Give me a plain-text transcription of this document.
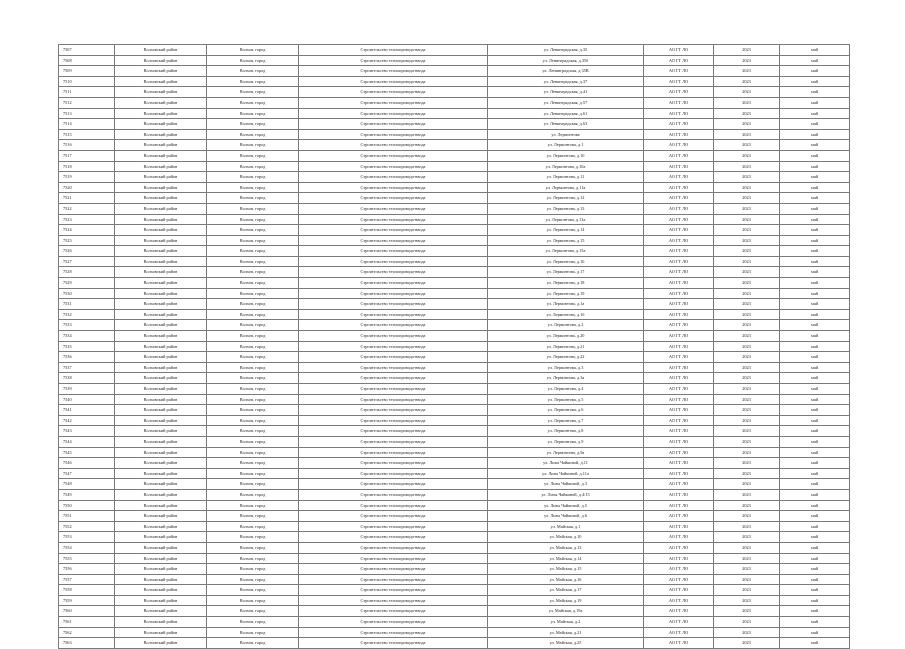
7507	Волховский район	Волхов, город	Строительство теплопровода-ввода	ул. Ленинградская, д.35	АО ГТ ЛО	2023	май
7508	Волховский район	Волхов, город	Строительство теплопровода-ввода	ул. Ленинградская, д.35б	АО ГТ ЛО	2023	май
7509	Волховский район	Волхов, город	Строительство теплопровода-ввода	ул. Ленинградская, д.35В	АО ГТ ЛО	2023	май
7510	Волховский район	Волхов, город	Строительство теплопровода-ввода	ул. Ленинградская, д.37	АО ГТ ЛО	2023	май
7511	Волховский район	Волхов, город	Строительство теплопровода-ввода	ул. Ленинградская, д.41	АО ГТ ЛО	2023	май
7512	Волховский район	Волхов, город	Строительство теплопровода-ввода	ул. Ленинградская, д.57	АО ГТ ЛО	2023	май
7513	Волховский район	Волхов, город	Строительство теплопровода-ввода	ул. Ленинградская, д.61	АО ГТ ЛО	2023	май
7514	Волховский район	Волхов, город	Строительство теплопровода-ввода	ул. Ленинградская, д.63	АО ГТ ЛО	2023	май
7515	Волховский район	Волхов, город	Строительство теплопровода-ввода	ул. Лермонтова	АО ГТ ЛО	2023	май
7516	Волховский район	Волхов, город	Строительство теплопровода-ввода	ул. Лермонтова, д.1	АО ГТ ЛО	2023	май
7517	Волховский район	Волхов, город	Строительство теплопровода-ввода	ул. Лермонтова, д.10	АО ГТ ЛО	2023	май
7518	Волховский район	Волхов, город	Строительство теплопровода-ввода	ул. Лермонтова, д.10а	АО ГТ ЛО	2023	май
7519	Волховский район	Волхов, город	Строительство теплопровода-ввода	ул. Лермонтова, д.11	АО ГТ ЛО	2023	май
7520	Волховский район	Волхов, город	Строительство теплопровода-ввода	ул. Лермонтова, д.11а	АО ГТ ЛО	2023	май
7521	Волховский район	Волхов, город	Строительство теплопровода-ввода	ул. Лермонтова, д.12	АО ГТ ЛО	2023	май
7522	Волховский район	Волхов, город	Строительство теплопровода-ввода	ул. Лермонтова, д.13	АО ГТ ЛО	2023	май
7523	Волховский район	Волхов, город	Строительство теплопровода-ввода	ул. Лермонтова, д.13а	АО ГТ ЛО	2023	май
7524	Волховский район	Волхов, город	Строительство теплопровода-ввода	ул. Лермонтова, д.14	АО ГТ ЛО	2023	май
7525	Волховский район	Волхов, город	Строительство теплопровода-ввода	ул. Лермонтова, д.15	АО ГТ ЛО	2023	май
7526	Волховский район	Волхов, город	Строительство теплопровода-ввода	ул. Лермонтова, д.15а	АО ГТ ЛО	2023	май
7527	Волховский район	Волхов, город	Строительство теплопровода-ввода	ул. Лермонтова, д.16	АО ГТ ЛО	2023	май
7528	Волховский район	Волхов, город	Строительство теплопровода-ввода	ул. Лермонтова, д.17	АО ГТ ЛО	2023	май
7529	Волховский район	Волхов, город	Строительство теплопровода-ввода	ул. Лермонтова, д.18	АО ГТ ЛО	2023	май
7530	Волховский район	Волхов, город	Строительство теплопровода-ввода	ул. Лермонтова, д.19	АО ГТ ЛО	2023	май
7531	Волховский район	Волхов, город	Строительство теплопровода-ввода	ул. Лермонтова, д.1а	АО ГТ ЛО	2023	май
7532	Волховский район	Волхов, город	Строительство теплопровода-ввода	ул. Лермонтова, д.1б	АО ГТ ЛО	2023	май
7533	Волховский район	Волхов, город	Строительство теплопровода-ввода	ул. Лермонтова, д.2	АО ГТ ЛО	2023	май
7534	Волховский район	Волхов, город	Строительство теплопровода-ввода	ул. Лермонтова, д.20	АО ГТ ЛО	2023	май
7535	Волховский район	Волхов, город	Строительство теплопровода-ввода	ул. Лермонтова, д.21	АО ГТ ЛО	2023	май
7536	Волховский район	Волхов, город	Строительство теплопровода-ввода	ул. Лермонтова, д.22	АО ГТ ЛО	2023	май
7537	Волховский район	Волхов, город	Строительство теплопровода-ввода	ул. Лермонтова, д.3	АО ГТ ЛО	2023	май
7538	Волховский район	Волхов, город	Строительство теплопровода-ввода	ул. Лермонтова, д.3а	АО ГТ ЛО	2023	май
7539	Волховский район	Волхов, город	Строительство теплопровода-ввода	ул. Лермонтова, д.4	АО ГТ ЛО	2023	май
7540	Волховский район	Волхов, город	Строительство теплопровода-ввода	ул. Лермонтова, д.5	АО ГТ ЛО	2023	май
7541	Волховский район	Волхов, город	Строительство теплопровода-ввода	ул. Лермонтова, д.6	АО ГТ ЛО	2023	май
7542	Волховский район	Волхов, город	Строительство теплопровода-ввода	ул. Лермонтова, д.7	АО ГТ ЛО	2023	май
7543	Волховский район	Волхов, город	Строительство теплопровода-ввода	ул. Лермонтова, д.8	АО ГТ ЛО	2023	май
7544	Волховский район	Волхов, город	Строительство теплопровода-ввода	ул. Лермонтова, д.9	АО ГТ ЛО	2023	май
7545	Волховский район	Волхов, город	Строительство теплопровода-ввода	ул. Лермонтова, д.9а	АО ГТ ЛО	2023	май
7546	Волховский район	Волхов, город	Строительство теплопровода-ввода	ул. Лизы Чайкиной, д.11	АО ГТ ЛО	2023	май
7547	Волховский район	Волхов, город	Строительство теплопровода-ввода	ул. Лизы Чайкиной, д.11а	АО ГТ ЛО	2023	май
7548	Волховский район	Волхов, город	Строительство теплопровода-ввода	ул. Лизы Чайкиной, д.3	АО ГТ ЛО	2023	май
7549	Волховский район	Волхов, город	Строительство теплопровода-ввода	ул. Лизы Чайкиной, д.4/15	АО ГТ ЛО	2023	май
7550	Волховский район	Волхов, город	Строительство теплопровода-ввода	ул. Лизы Чайкиной, д.5	АО ГТ ЛО	2023	май
7551	Волховский район	Волхов, город	Строительство теплопровода-ввода	ул. Лизы Чайкиной, д.6	АО ГТ ЛО	2023	май
7552	Волховский район	Волхов, город	Строительство теплопровода-ввода	ул. Майская, д.1	АО ГТ ЛО	2023	май
7553	Волховский район	Волхов, город	Строительство теплопровода-ввода	ул. Майская, д.10	АО ГТ ЛО	2023	май
7554	Волховский район	Волхов, город	Строительство теплопровода-ввода	ул. Майская, д.13	АО ГТ ЛО	2023	май
7555	Волховский район	Волхов, город	Строительство теплопровода-ввода	ул. Майская, д.14	АО ГТ ЛО	2023	май
7556	Волховский район	Волхов, город	Строительство теплопровода-ввода	ул. Майская, д.15	АО ГТ ЛО	2023	май
7557	Волховский район	Волхов, город	Строительство теплопровода-ввода	ул. Майская, д.16	АО ГТ ЛО	2023	май
7558	Волховский район	Волхов, город	Строительство теплопровода-ввода	ул. Майская, д.17	АО ГТ ЛО	2023	май
7559	Волховский район	Волхов, город	Строительство теплопровода-ввода	ул. Майская, д.19	АО ГТ ЛО	2023	май
7560	Волховский район	Волхов, город	Строительство теплопровода-ввода	ул. Майская, д.19а	АО ГТ ЛО	2023	май
7561	Волховский район	Волхов, город	Строительство теплопровода-ввода	ул. Майская, д.2	АО ГТ ЛО	2023	май
7562	Волховский район	Волхов, город	Строительство теплопровода-ввода	ул. Майская, д.21	АО ГТ ЛО	2023	май
7563	Волховский район	Волхов, город	Строительство теплопровода-ввода	ул. Майская, д.25	АО ГТ ЛО	2023	май
